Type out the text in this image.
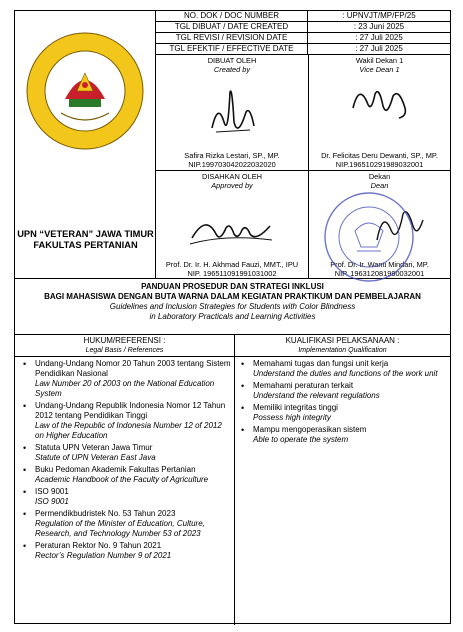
UPN “VETERAN” JAWA TIMUR
FAKULTAS PERTANIAN
NO. DOK / DOC NUMBER	: UPNVJT/MP/FP/25
TGL DIBUAT / DATE CREATED	: 23 Juni 2025
TGL REVISI / REVISION DATE	: 27 Juli 2025
TGL EFEKTIF / EFFECTIVE DATE	: 27 Juli 2025
DIBUAT OLEH
Created by
Safira Rizka Lestari, SP., MP.
NIP.199703042022032020
Wakil Dekan 1
Vice Dean 1
Dr. Felicitas Deru Dewanti, SP., MP.
NIP.196510291989032001
DISAHKAN OLEH
Approved by
Prof. Dr. Ir. H. Akhmad Fauzi, MMT., IPU
NIP. 196511091991031002
Dekan
Dean
Prof. Dr. Ir. Wanti Mindari, MP.
NIP. 196312081990032001
PANDUAN PROSEDUR DAN STRATEGI INKLUSI
BAGI MAHASISWA DENGAN BUTA WARNA DALAM KEGIATAN PRAKTIKUM DAN PEMBELAJARAN
Guidelines and Inclusion Strategies for Students with Color Blindness
in Laboratory Practicals and Learning Activities
HUKUM/REFERENSI :
Legal Basis / References
KUALIFIKASI PELAKSANAAN :
Implementation Qualification
• Undang-Undang Nomor 20 Tahun 2003 tentang Sistem Pendidikan Nasional
Law Number 20 of 2003 on the National Education System
• Undang-Undang Republik Indonesia Nomor 12 Tahun 2012 tentang Pendidikan Tinggi
Law of the Republic of Indonesia Number 12 of 2012 on Higher Education
• Statuta UPN Veteran Jawa Timur
Statute of UPN Veteran East Java
• Buku Pedoman Akademik Fakultas Pertanian
Academic Handbook of the Faculty of Agriculture
• ISO 9001
ISO 9001
• Permendikbudristek No. 53 Tahun 2023
Regulation of the Minister of Education, Culture, Research, and Technology Number 53 of 2023
• Peraturan Rektor No. 9 Tahun 2021
Rector’s Regulation Number 9 of 2021
• Memahami tugas dan fungsi unit kerja
Understand the duties and functions of the work unit
• Memahami peraturan terkait
Understand the relevant regulations
• Memiliki integritas tinggi
Possess high integrity
• Mampu mengoperasikan sistem
Able to operate the system
